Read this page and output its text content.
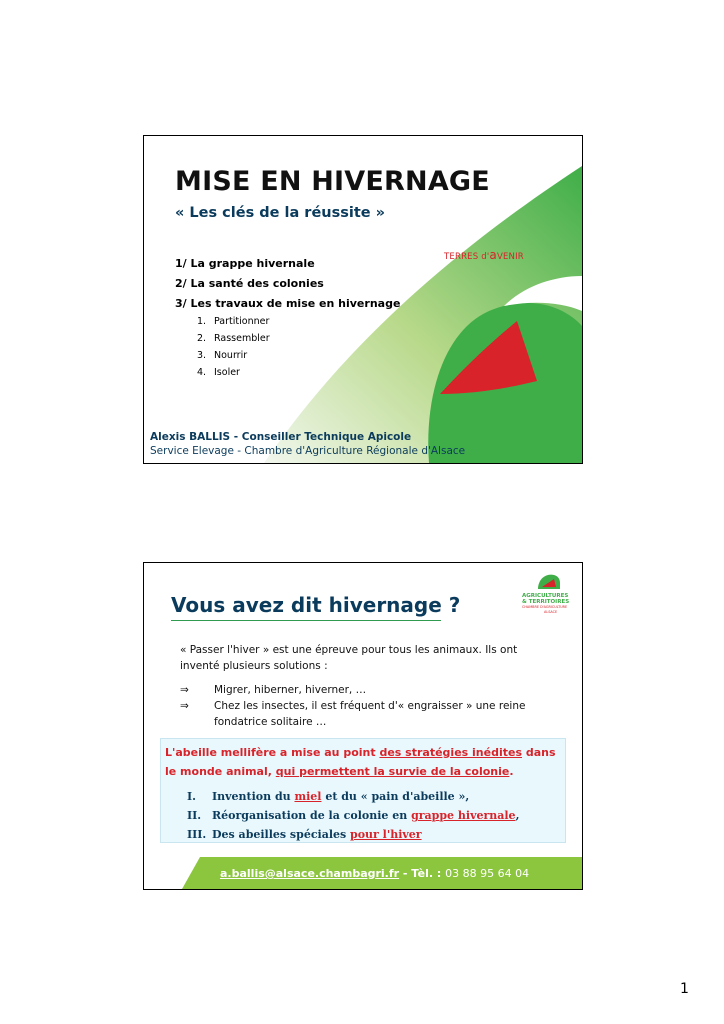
MISE EN HIVERNAGE
« Les clés de la réussite »
TERRES d'aVENIR
1/ La grappe hivernale
2/ La santé des colonies
3/ Les travaux de mise en hivernage
1. Partitionner
2. Rassembler
3. Nourrir
4. Isoler
Alexis BALLIS - Conseiller Technique Apicole
Service Elevage - Chambre d'Agriculture Régionale d'Alsace
Vous avez dit hivernage ?	AGRICULTURES
& TERRITOIRES
CHAMBRE D'AGRICULTURE
ALSACE
« Passer l'hiver » est une épreuve pour tous les animaux. Ils ont inventé plusieurs solutions :
⇒ Migrer, hiberner, hiverner, …
⇒ Chez les insectes, il est fréquent d'« engraisser » une reine fondatrice solitaire …
L'abeille mellifère a mise au point des stratégies inédites dans le monde animal, qui permettent la survie de la colonie.
I. Invention du miel et du « pain d'abeille »,
II. Réorganisation de la colonie en grappe hivernale,
III. Des abeilles spéciales pour l'hiver
a.ballis@alsace.chambagri.fr - Tèl. : 03 88 95 64 04
1
